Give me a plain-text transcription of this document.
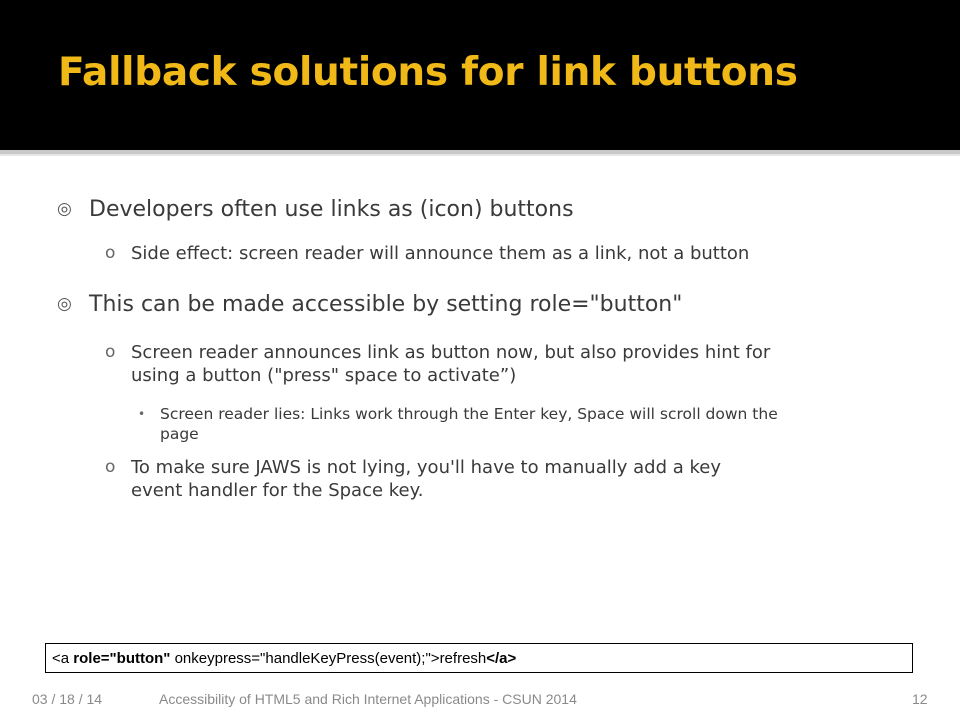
Fallback solutions for link buttons
◎ Developers often use links as (icon) buttons
o Side effect: screen reader will announce them as a link, not a button
◎ This can be made accessible by setting role="button"
o Screen reader announces link as button now, but also provides hint for
using a button ("press" space to activate”)
• Screen reader lies: Links work through the Enter key, Space will scroll down the
page
o To make sure JAWS is not lying, you'll have to manually add a key
event handler for the Space key.
<a role="button" onkeypress="handleKeyPress(event);">refresh</a>
03 / 18 / 14	Accessibility of HTML5 and Rich Internet Applications - CSUN 2014	12
